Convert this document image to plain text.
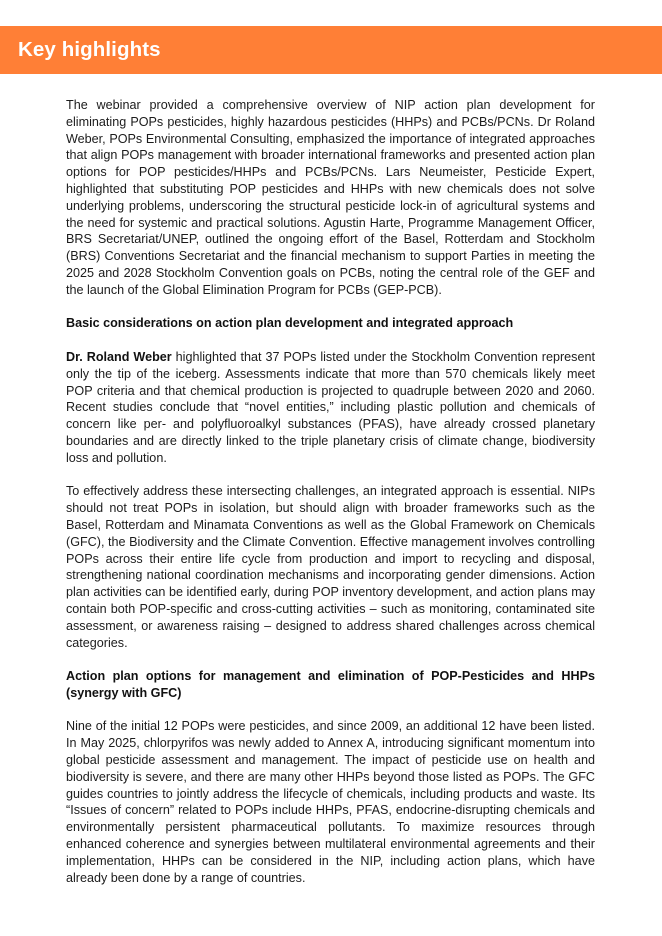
Key highlights

The webinar provided a comprehensive overview of NIP action plan development for eliminating POPs pesticides, highly hazardous pesticides (HHPs) and PCBs/PCNs. Dr Roland Weber, POPs Environmental Consulting, emphasized the importance of integrated approaches that align POPs management with broader international frameworks and presented action plan options for POP pesticides/HHPs and PCBs/PCNs. Lars Neumeister, Pesticide Expert, highlighted that substituting POP pesticides and HHPs with new chemicals does not solve underlying problems, underscoring the structural pesticide lock-in of agricultural systems and the need for systemic and practical solutions. Agustin Harte, Programme Management Officer, BRS Secretariat/UNEP, outlined the ongoing effort of the Basel, Rotterdam and Stockholm (BRS) Conventions Secretariat and the financial mechanism to support Parties in meeting the 2025 and 2028 Stockholm Convention goals on PCBs, noting the central role of the GEF and the launch of the Global Elimination Program for PCBs (GEP-PCB).

Basic considerations on action plan development and integrated approach

Dr. Roland Weber highlighted that 37 POPs listed under the Stockholm Convention represent only the tip of the iceberg. Assessments indicate that more than 570 chemicals likely meet POP criteria and that chemical production is projected to quadruple between 2020 and 2060. Recent studies conclude that “novel entities,” including plastic pollution and chemicals of concern like per- and polyfluoroalkyl substances (PFAS), have already crossed planetary boundaries and are directly linked to the triple planetary crisis of climate change, biodiversity loss and pollution.

To effectively address these intersecting challenges, an integrated approach is essential. NIPs should not treat POPs in isolation, but should align with broader frameworks such as the Basel, Rotterdam and Minamata Conventions as well as the Global Framework on Chemicals (GFC), the Biodiversity and the Climate Convention. Effective management involves controlling POPs across their entire life cycle from production and import to recycling and disposal, strengthening national coordination mechanisms and incorporating gender dimensions. Action plan activities can be identified early, during POP inventory development, and action plans may contain both POP-specific and cross-cutting activities – such as monitoring, contaminated site assessment, or awareness raising – designed to address shared challenges across chemical categories.

Action plan options for management and elimination of POP-Pesticides and HHPs (synergy with GFC)

Nine of the initial 12 POPs were pesticides, and since 2009, an additional 12 have been listed. In May 2025, chlorpyrifos was newly added to Annex A, introducing significant momentum into global pesticide assessment and management. The impact of pesticide use on health and biodiversity is severe, and there are many other HHPs beyond those listed as POPs. The GFC guides countries to jointly address the lifecycle of chemicals, including products and waste. Its “Issues of concern” related to POPs include HHPs, PFAS, endocrine-disrupting chemicals and environmentally persistent pharmaceutical pollutants. To maximize resources through enhanced coherence and synergies between multilateral environmental agreements and their implementation, HHPs can be considered in the NIP, including action plans, which have already been done by a range of countries.
